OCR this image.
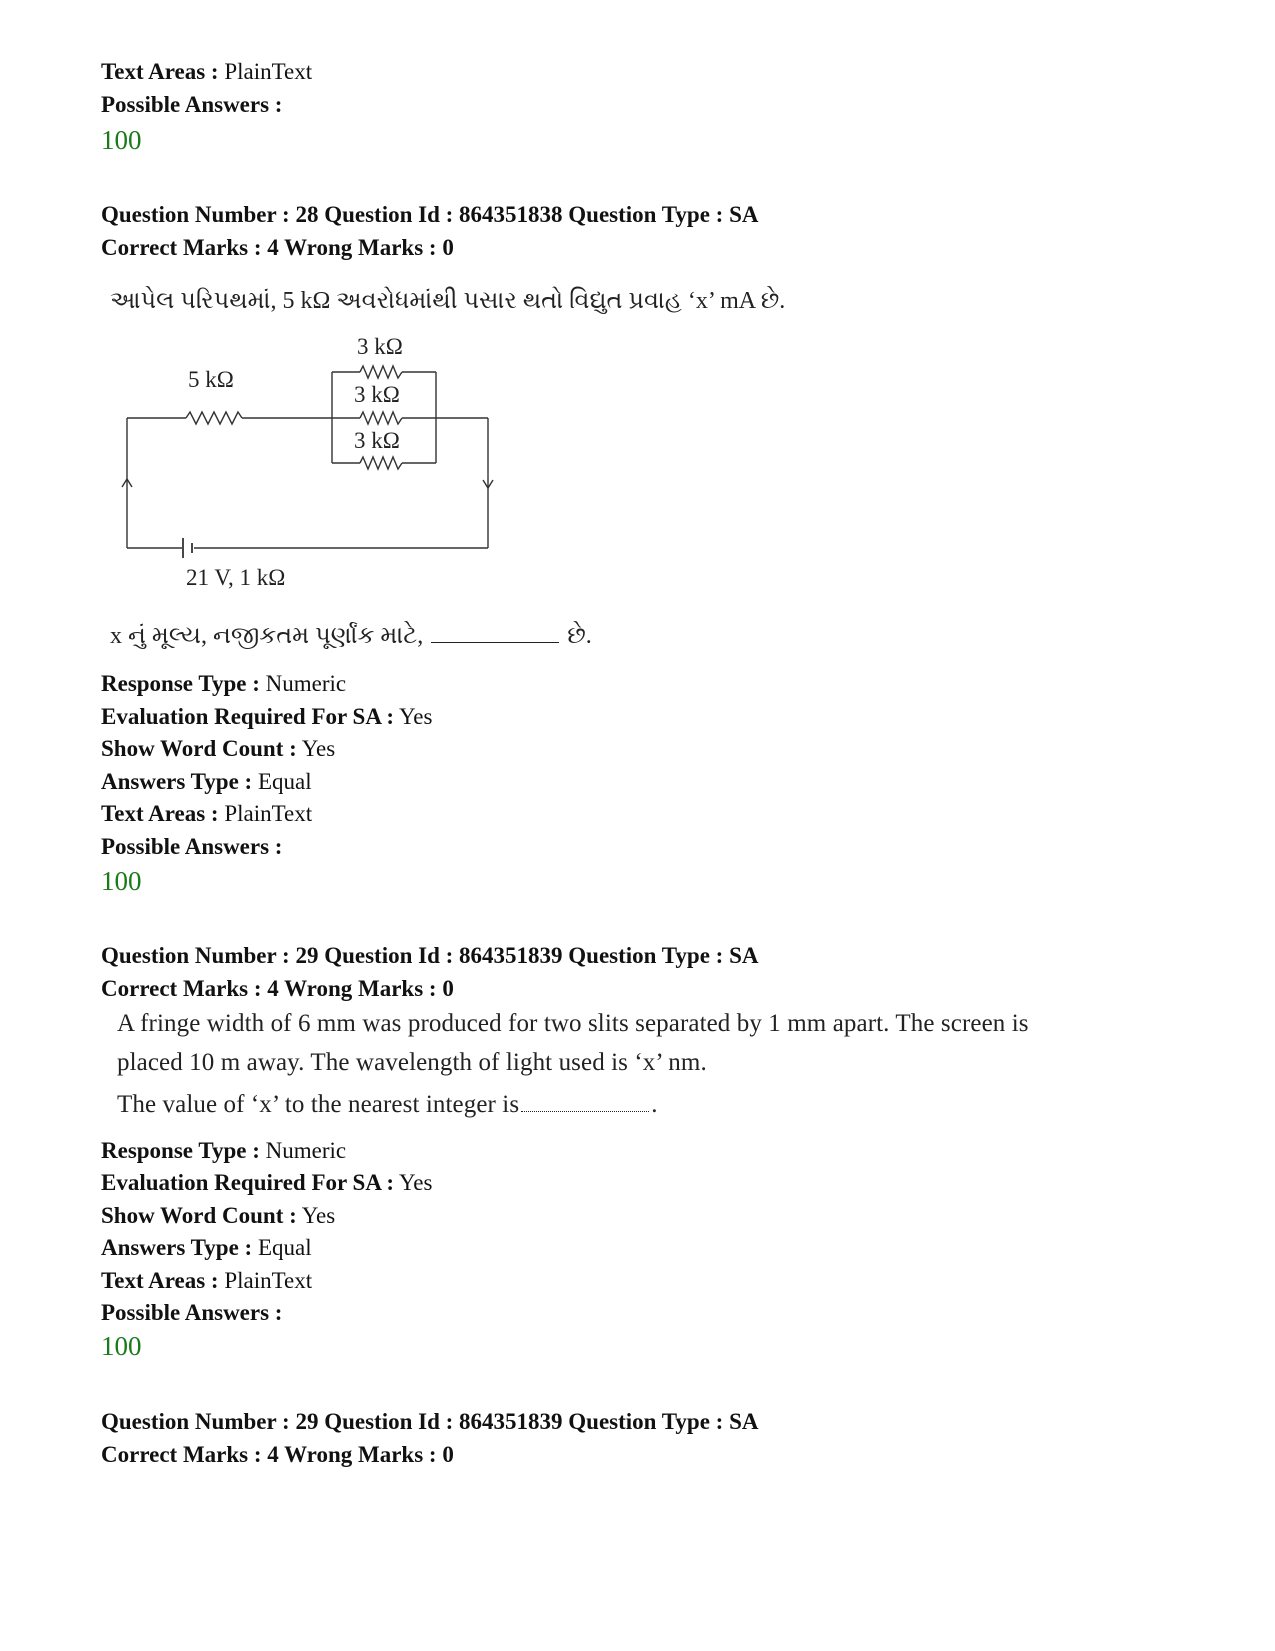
Text Areas : PlainText
Possible Answers :
100
Question Number : 28 Question Id : 864351838 Question Type : SA
Correct Marks : 4 Wrong Marks : 0
આપેલ પરિપથમાં, 5 kΩ અવરોધમાંથી પસાર થતો વિદ્યુત પ્રવાહ ‘x’ mA છે.
5 kΩ
3 kΩ
3 kΩ
3 kΩ
21 V, 1 kΩ
x નું મૂલ્ય, નજીકતમ પૂર્ણાંક માટે,	છે.
Response Type : Numeric
Evaluation Required For SA : Yes
Show Word Count : Yes
Answers Type : Equal
Text Areas : PlainText
Possible Answers :
100
Question Number : 29 Question Id : 864351839 Question Type : SA
Correct Marks : 4 Wrong Marks : 0
A fringe width of 6 mm was produced for two slits separated by 1 mm apart. The screen is
placed 10 m away. The wavelength of light used is ‘x’ nm.
The value of ‘x’ to the nearest integer is	.
Response Type : Numeric
Evaluation Required For SA : Yes
Show Word Count : Yes
Answers Type : Equal
Text Areas : PlainText
Possible Answers :
100
Question Number : 29 Question Id : 864351839 Question Type : SA
Correct Marks : 4 Wrong Marks : 0
